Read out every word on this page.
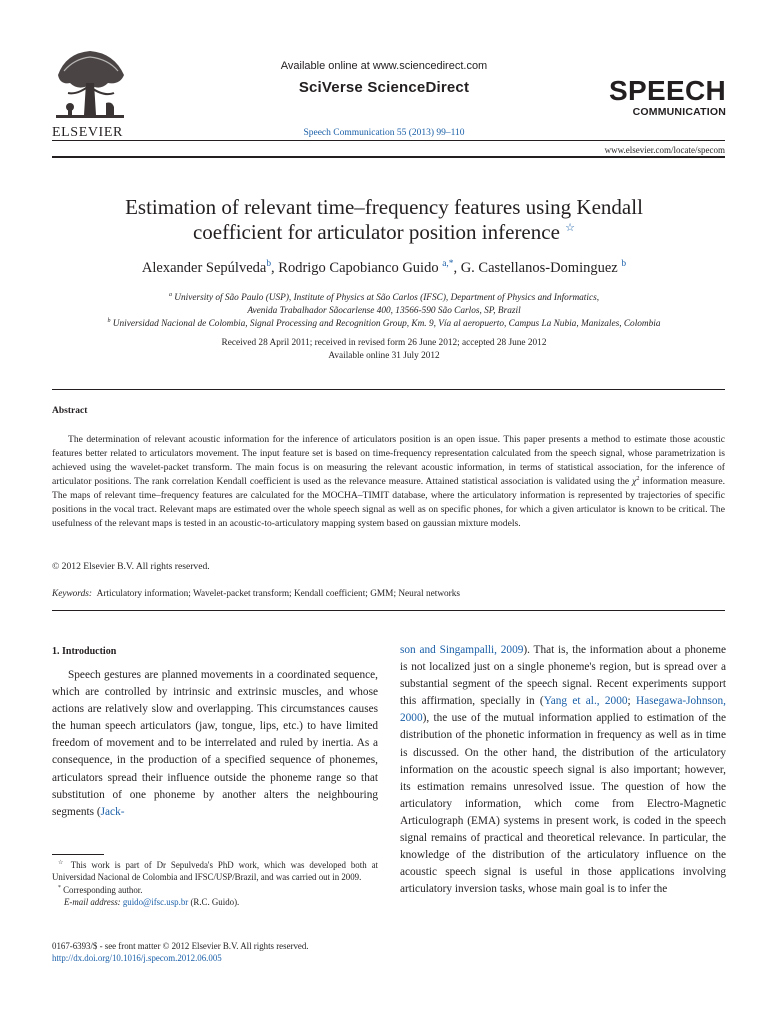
ELSEVIER
Available online at www.sciencedirect.com
SciVerse ScienceDirect
Speech Communication 55 (2013) 99–110
SPEECH
COMMUNICATION
www.elsevier.com/locate/specom
Estimation of relevant time–frequency features using Kendall
coefficient for articulator position inference ☆
Alexander Sepúlveda$^b$, Rodrigo Capobianco Guido $^{a,*}$, G. Castellanos-Dominguez $^b$
$^a$ University of São Paulo (USP), Institute of Physics at São Carlos (IFSC), Department of Physics and Informatics,
Avenida Trabalhador Sãocarlense 400, 13566-590 São Carlos, SP, Brazil
$^b$ Universidad Nacional de Colombia, Signal Processing and Recognition Group, Km. 9, Vía al aeropuerto, Campus La Nubia, Manizales, Colombia
Received 28 April 2011; received in revised form 26 June 2012; accepted 28 June 2012
Available online 31 July 2012
Abstract
The determination of relevant acoustic information for the inference of articulators position is an open issue. This paper presents a method to estimate those acoustic features better related to articulators movement. The input feature set is based on time-frequency representation calculated from the speech signal, whose parametrization is achieved using the wavelet-packet transform. The main focus is on measuring the relevant acoustic information, in terms of statistical association, for the inference of articulator positions. The rank correlation Kendall coefficient is used as the relevance measure. Attained statistical association is validated using the $\chi^2$ information measure. The maps of relevant time–frequency features are calculated for the MOCHA–TIMIT database, where the articulatory information is represented by trajectories of specific positions in the vocal tract. Relevant maps are estimated over the whole speech signal as well as on specific phones, for which a given articulator is known to be critical. The usefulness of the relevant maps is tested in an acoustic-to-articulatory mapping system based on gaussian mixture models.
© 2012 Elsevier B.V. All rights reserved.
Keywords: Articulatory information; Wavelet-packet transform; Kendall coefficient; GMM; Neural networks
1. Introduction
Speech gestures are planned movements in a coordinated sequence, which are controlled by intrinsic and extrinsic muscles, and whose actions are relatively slow and overlapping. This circumstances causes the human speech articulators (jaw, tongue, lips, etc.) to have limited freedom of movement and to be interrelated and ruled by inertia. As a consequence, in the production of a specified sequence of phonemes, articulators spread their influence outside the phoneme range so that substitution of one phoneme by another alters the neighbouring segments (Jack-
son and Singampalli, 2009). That is, the information about a phoneme is not localized just on a single phoneme's region, but is spread over a substantial segment of the speech signal. Recent experiments support this affirmation, specially in (Yang et al., 2000; Hasegawa-Johnson, 2000), the use of the mutual information applied to estimation of the distribution of the phonetic information in frequency as well as in time is discussed. On the other hand, the distribution of the articulatory information on the acoustic speech signal is also important; however, its estimation remains unresolved issue. The question of how the articulatory information, which come from Electro-Magnetic Articulograph (EMA) systems in present work, is coded in the speech signal remains of practical and theoretical relevance. In particular, the knowledge of the distribution of the articulatory influence on the acoustic speech signal is useful in those applications involving articulatory inversion tasks, whose main goal is to infer the
☆ This work is part of Dr Sepulveda's PhD work, which was developed both at Universidad Nacional de Colombia and IFSC/USP/Brazil, and was carried out in 2009.
* Corresponding author.
E-mail address: guido@ifsc.usp.br (R.C. Guido).
0167-6393/$ - see front matter © 2012 Elsevier B.V. All rights reserved.
http://dx.doi.org/10.1016/j.specom.2012.06.005
